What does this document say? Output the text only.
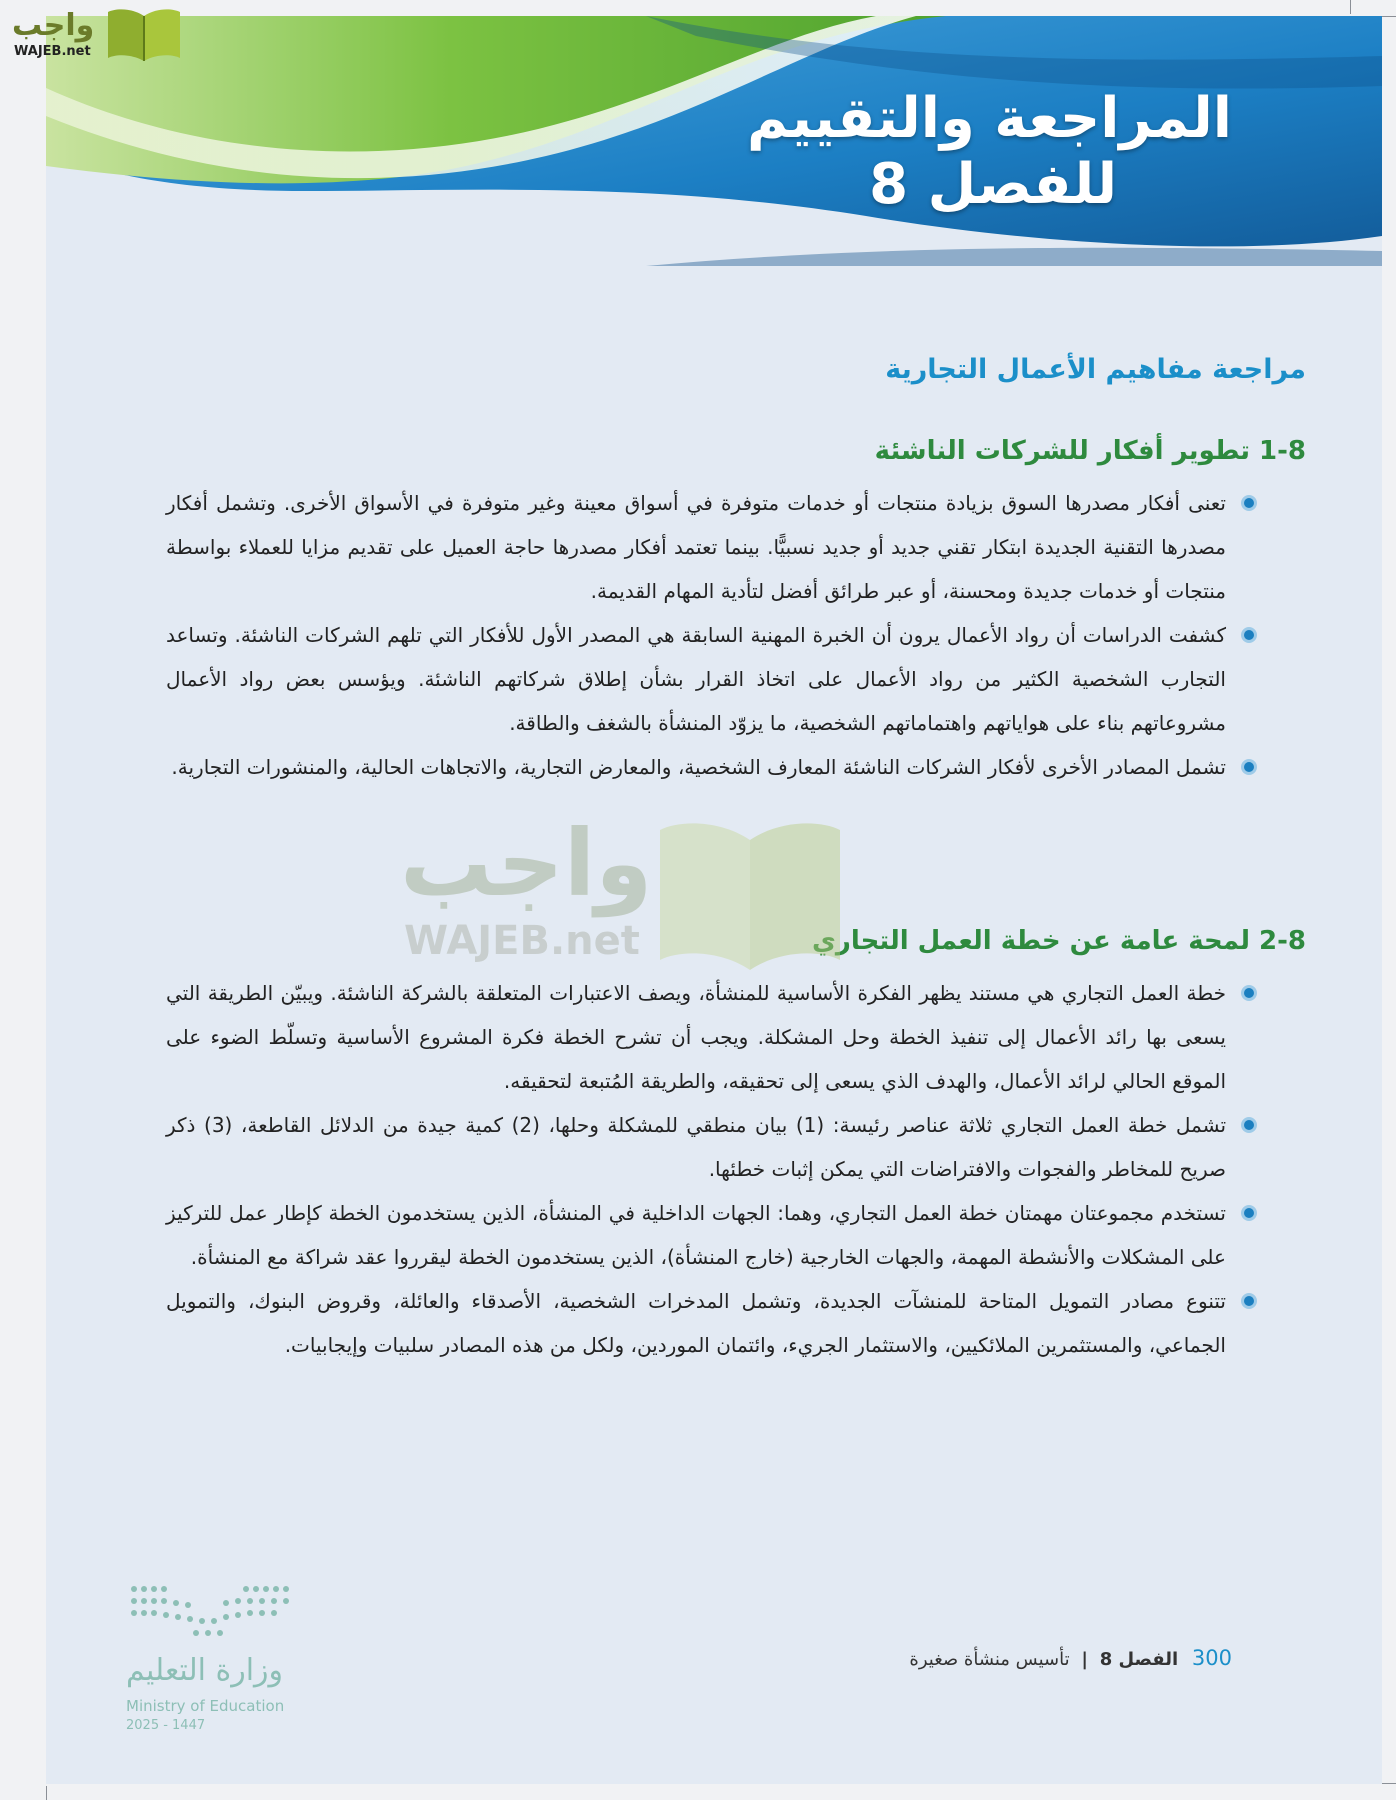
المراجعة والتقييم
للفصل 8
مراجعة مفاهيم الأعمال التجارية
1-8 تطوير أفكار للشركات الناشئة
تعنى أفكار مصدرها السوق بزيادة منتجات أو خدمات متوفرة في أسواق معينة وغير متوفرة في الأسواق الأخرى. وتشمل أفكار مصدرها التقنية الجديدة ابتكار تقني جديد أو جديد نسبيًّا. بينما تعتمد أفكار مصدرها حاجة العميل على تقديم مزايا للعملاء بواسطة منتجات أو خدمات جديدة ومحسنة، أو عبر طرائق أفضل لتأدية المهام القديمة.
كشفت الدراسات أن رواد الأعمال يرون أن الخبرة المهنية السابقة هي المصدر الأول للأفكار التي تلهم الشركات الناشئة. وتساعد التجارب الشخصية الكثير من رواد الأعمال على اتخاذ القرار بشأن إطلاق شركاتهم الناشئة. ويؤسس بعض رواد الأعمال مشروعاتهم بناء على هواياتهم واهتماماتهم الشخصية، ما يزوّد المنشأة بالشغف والطاقة.
تشمل المصادر الأخرى لأفكار الشركات الناشئة المعارف الشخصية، والمعارض التجارية، والاتجاهات الحالية، والمنشورات التجارية.
2-8 لمحة عامة عن خطة العمل التجاري
خطة العمل التجاري هي مستند يظهر الفكرة الأساسية للمنشأة، ويصف الاعتبارات المتعلقة بالشركة الناشئة. ويبيّن الطريقة التي يسعى بها رائد الأعمال إلى تنفيذ الخطة وحل المشكلة. ويجب أن تشرح الخطة فكرة المشروع الأساسية وتسلّط الضوء على الموقع الحالي لرائد الأعمال، والهدف الذي يسعى إلى تحقيقه، والطريقة المُتبعة لتحقيقه.
تشمل خطة العمل التجاري ثلاثة عناصر رئيسة: (1) بيان منطقي للمشكلة وحلها، (2) كمية جيدة من الدلائل القاطعة، (3) ذكر صريح للمخاطر والفجوات والافتراضات التي يمكن إثبات خطئها.
تستخدم مجموعتان مهمتان خطة العمل التجاري، وهما: الجهات الداخلية في المنشأة، الذين يستخدمون الخطة كإطار عمل للتركيز على المشكلات والأنشطة المهمة، والجهات الخارجية (خارج المنشأة)، الذين يستخدمون الخطة ليقرروا عقد شراكة مع المنشأة.
تتنوع مصادر التمويل المتاحة للمنشآت الجديدة، وتشمل المدخرات الشخصية، الأصدقاء والعائلة، وقروض البنوك، والتمويل الجماعي، والمستثمرين الملائكيين، والاستثمار الجريء، وائتمان الموردين، ولكل من هذه المصادر سلبيات وإيجابيات.
وزارة التعليم
Ministry of Education
2025 - 1447
300 الفصل 8 | تأسيس منشأة صغيرة
واجب
WAJEB.net
واجب
WAJEB.net
